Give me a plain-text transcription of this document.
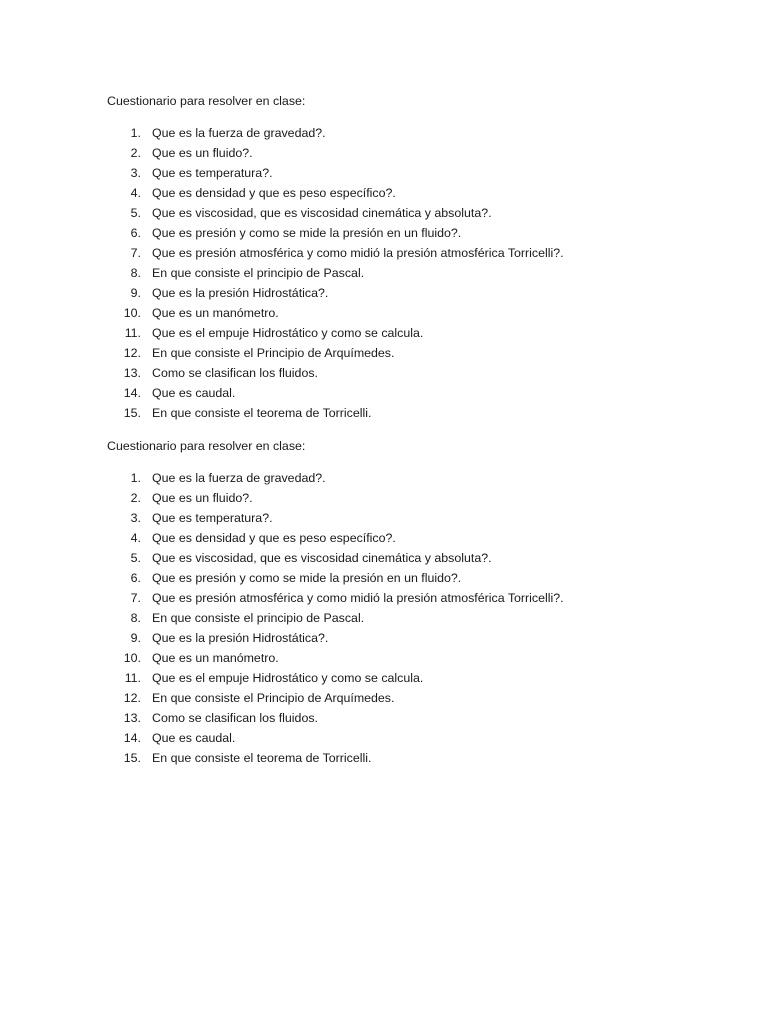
Cuestionario para resolver en clase:

1. Que es la fuerza de gravedad?.
2. Que es un fluido?.
3. Que es temperatura?.
4. Que es densidad y que es peso específico?.
5. Que es viscosidad, que es viscosidad cinemática y absoluta?.
6. Que es presión y como se mide la presión en un fluido?.
7. Que es presión atmosférica y como midió la presión atmosférica Torricelli?.
8. En que consiste el principio de Pascal.
9. Que es la presión Hidrostática?.
10. Que es un manómetro.
11. Que es el empuje Hidrostático y como se calcula.
12. En que consiste el Principio de Arquímedes.
13. Como se clasifican los fluidos.
14. Que es caudal.
15. En que consiste el teorema de Torricelli.

Cuestionario para resolver en clase:

1. Que es la fuerza de gravedad?.
2. Que es un fluido?.
3. Que es temperatura?.
4. Que es densidad y que es peso específico?.
5. Que es viscosidad, que es viscosidad cinemática y absoluta?.
6. Que es presión y como se mide la presión en un fluido?.
7. Que es presión atmosférica y como midió la presión atmosférica Torricelli?.
8. En que consiste el principio de Pascal.
9. Que es la presión Hidrostática?.
10. Que es un manómetro.
11. Que es el empuje Hidrostático y como se calcula.
12. En que consiste el Principio de Arquímedes.
13. Como se clasifican los fluidos.
14. Que es caudal.
15. En que consiste el teorema de Torricelli.
